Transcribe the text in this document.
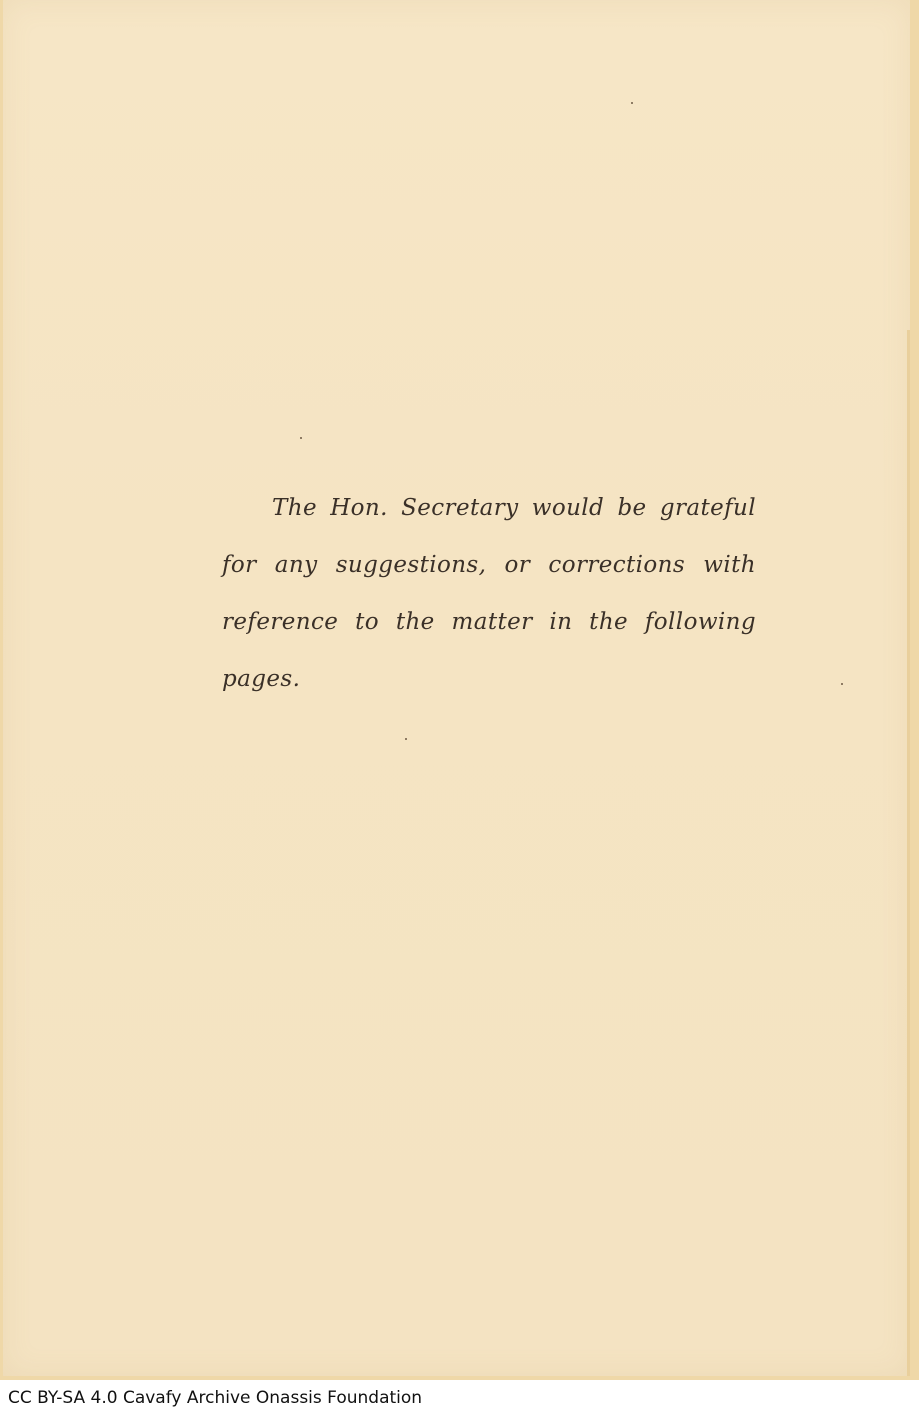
The Hon. Secretary would be grateful
for any suggestions, or corrections with
reference to the matter in the following
pages.
CC BY-SA 4.0 Cavafy Archive Onassis Foundation
